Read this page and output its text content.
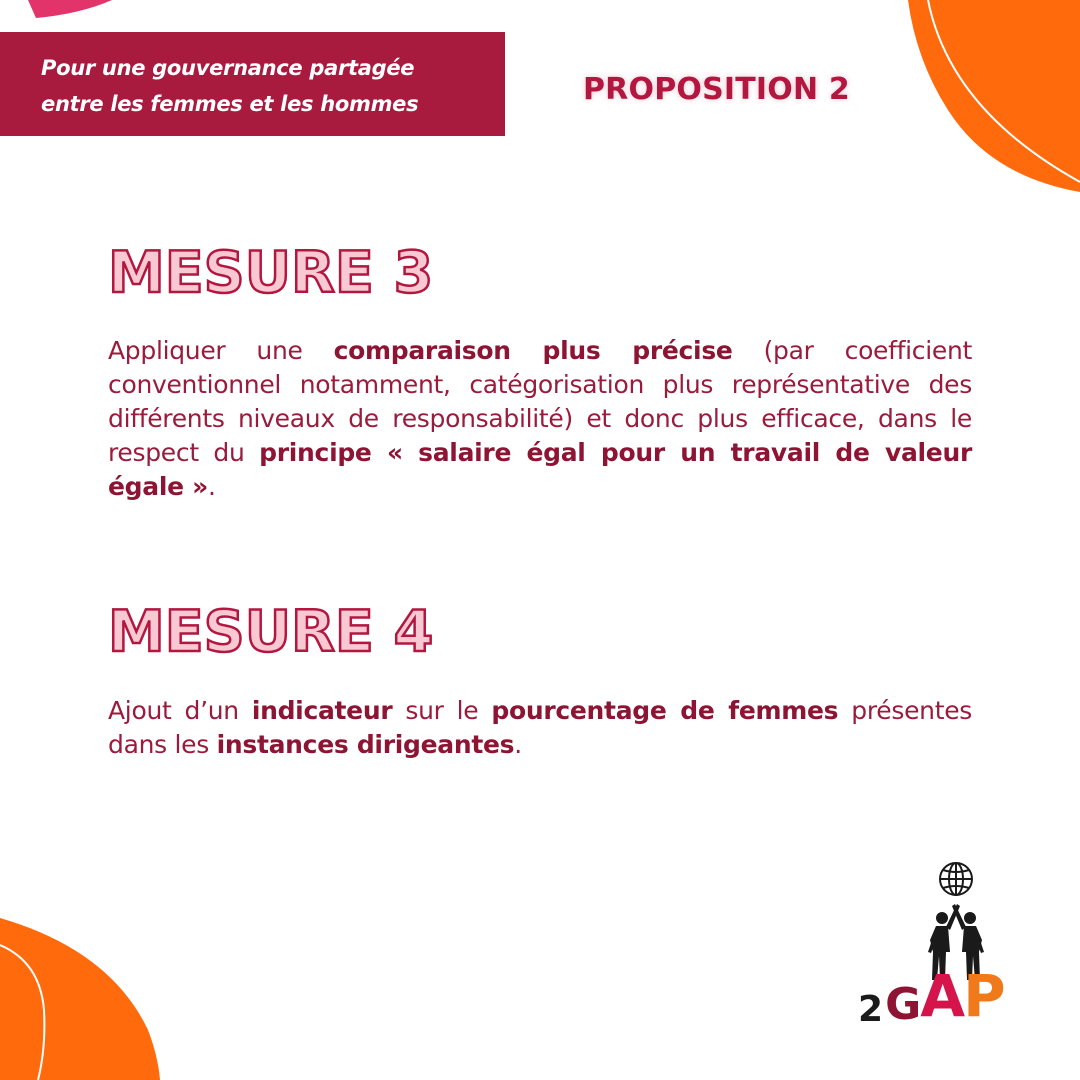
Pour une gouvernance partagée
entre les femmes et les hommes	PROPOSITION 2
MESURE 3
Appliquer une comparaison plus précise (par coefficient conventionnel notamment, catégorisation plus représentative des différents niveaux de responsabilité) et donc plus efficace, dans le respect du principe « salaire égal pour un travail de valeur égale ».
MESURE 4
Ajout d’un indicateur sur le pourcentage de femmes présentes dans les instances dirigeantes.
2GAP
